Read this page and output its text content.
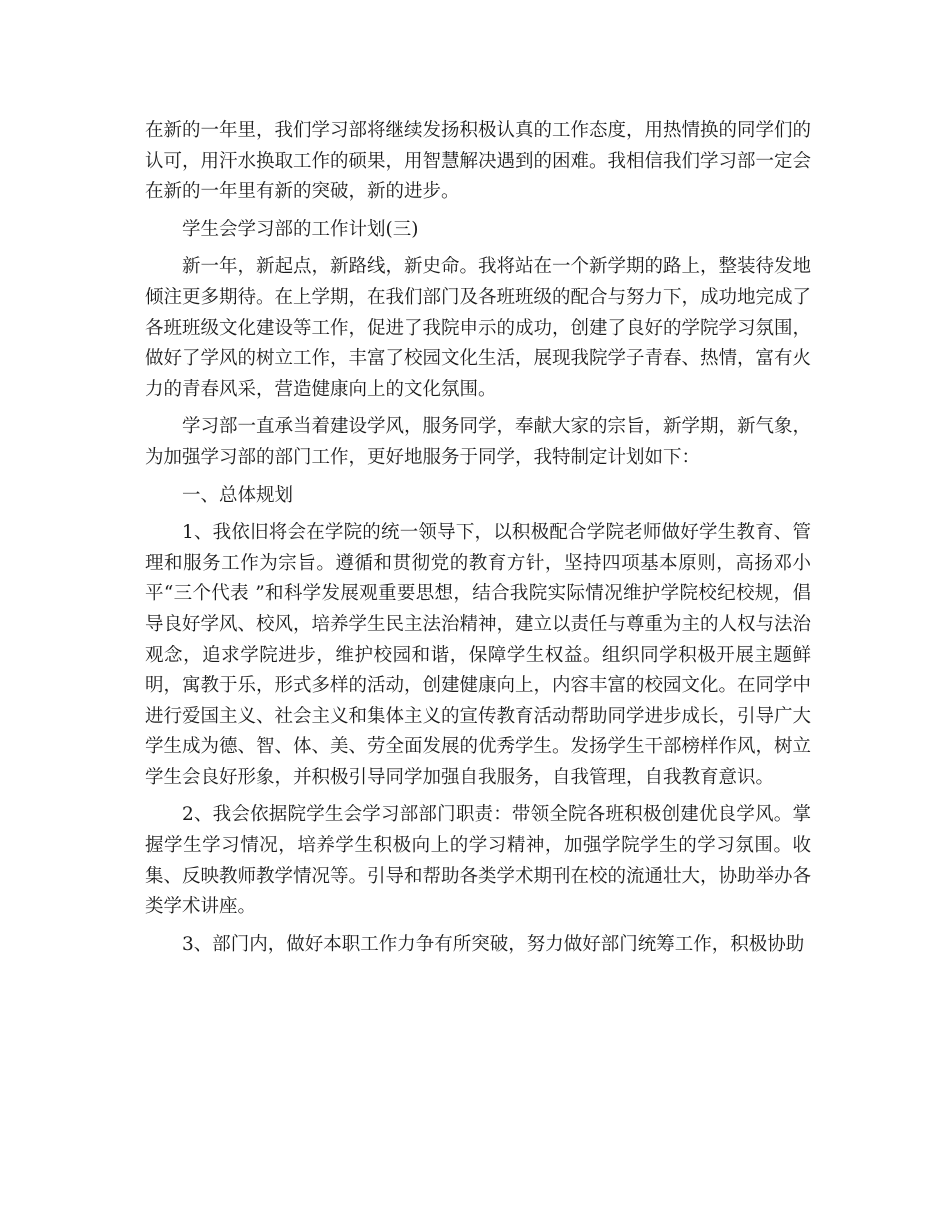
在新的一年里，我们学习部将继续发扬积极认真的工作态度，用热情换的同学们的认可，用汗水换取工作的硕果，用智慧解决遇到的困难。我相信我们学习部一定会在新的一年里有新的突破，新的进步。

学生会学习部的工作计划(三)

新一年，新起点，新路线，新史命。我将站在一个新学期的路上，整装待发地倾注更多期待。在上学期，在我们部门及各班班级的配合与努力下，成功地完成了各班班级文化建设等工作，促进了我院申示的成功，创建了良好的学院学习氛围，做好了学风的树立工作，丰富了校园文化生活，展现我院学子青春、热情，富有火力的青春风采，营造健康向上的文化氛围。

学习部一直承当着建设学风，服务同学，奉献大家的宗旨，新学期，新气象，为加强学习部的部门工作，更好地服务于同学，我特制定计划如下：

一、总体规划

1、我依旧将会在学院的统一领导下，以积极配合学院老师做好学生教育、管理和服务工作为宗旨。遵循和贯彻党的教育方针，坚持四项基本原则，高扬邓小平“三个代表 ”和科学发展观重要思想，结合我院实际情况维护学院校纪校规，倡导良好学风、校风，培养学生民主法治精神，建立以责任与尊重为主的人权与法治观念，追求学院进步，维护校园和谐，保障学生权益。组织同学积极开展主题鲜明，寓教于乐，形式多样的活动，创建健康向上，内容丰富的校园文化。在同学中进行爱国主义、社会主义和集体主义的宣传教育活动帮助同学进步成长，引导广大学生成为德、智、体、美、劳全面发展的优秀学生。发扬学生干部榜样作风，树立学生会良好形象，并积极引导同学加强自我服务，自我管理，自我教育意识。

2、我会依据院学生会学习部部门职责：带领全院各班积极创建优良学风。掌握学生学习情况，培养学生积极向上的学习精神，加强学院学生的学习氛围。收集、反映教师教学情况等。引导和帮助各类学术期刊在校的流通壮大，协助举办各类学术讲座。

3、部门内，做好本职工作力争有所突破，努力做好部门统筹工作，积极协助
